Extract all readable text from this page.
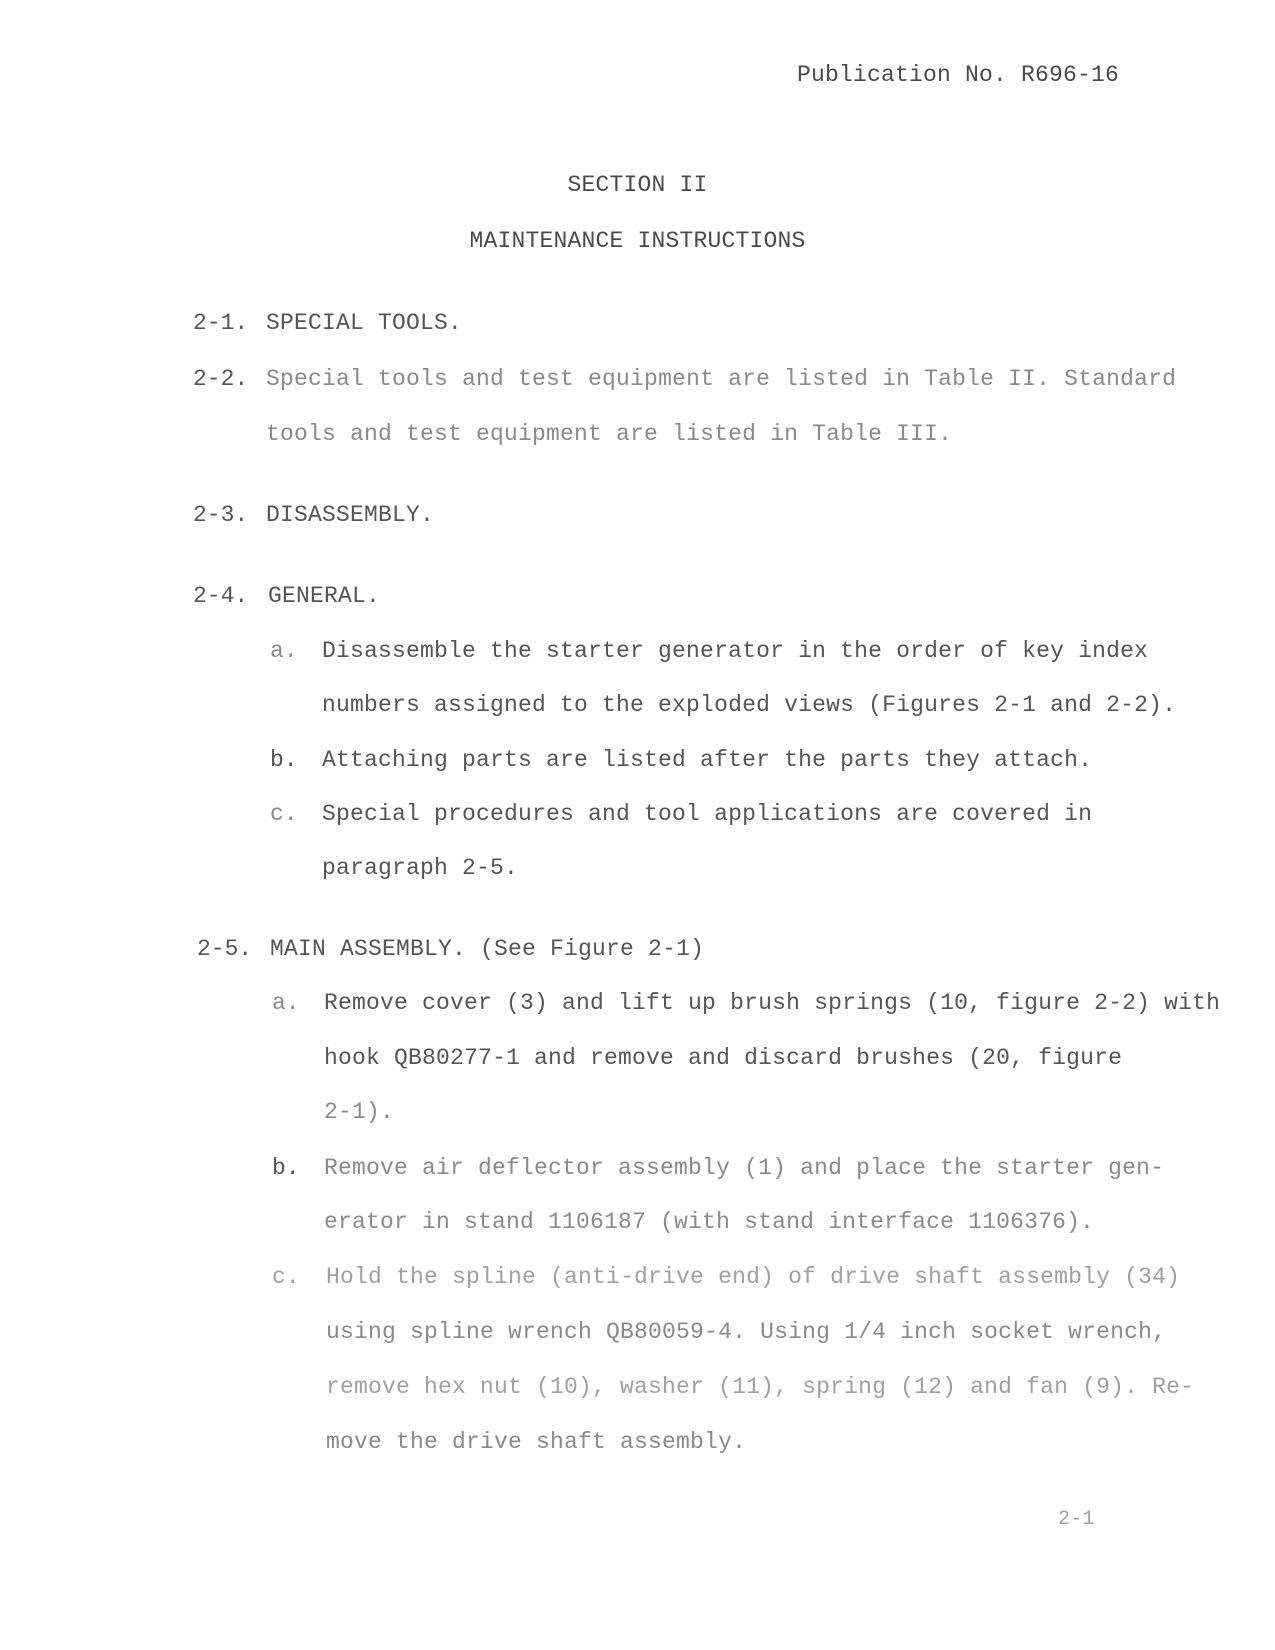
Publication No. R696-16
SECTION II
MAINTENANCE INSTRUCTIONS
2-1. SPECIAL TOOLS.
2-2. Special tools and test equipment are listed in Table II. Standard
tools and test equipment are listed in Table III.
2-3. DISASSEMBLY.
2-4. GENERAL.
a. Disassemble the starter generator in the order of key index
numbers assigned to the exploded views (Figures 2-1 and 2-2).
b. Attaching parts are listed after the parts they attach.
c. Special procedures and tool applications are covered in
paragraph 2-5.
2-5. MAIN ASSEMBLY. (See Figure 2-1)
a. Remove cover (3) and lift up brush springs (10, figure 2-2) with
hook QB80277-1 and remove and discard brushes (20, figure
2-1).
b. Remove air deflector assembly (1) and place the starter gen-
erator in stand 1106187 (with stand interface 1106376).
c. Hold the spline (anti-drive end) of drive shaft assembly (34)
using spline wrench QB80059-4. Using 1/4 inch socket wrench,
remove hex nut (10), washer (11), spring (12) and fan (9). Re-
move the drive shaft assembly.
2-1
